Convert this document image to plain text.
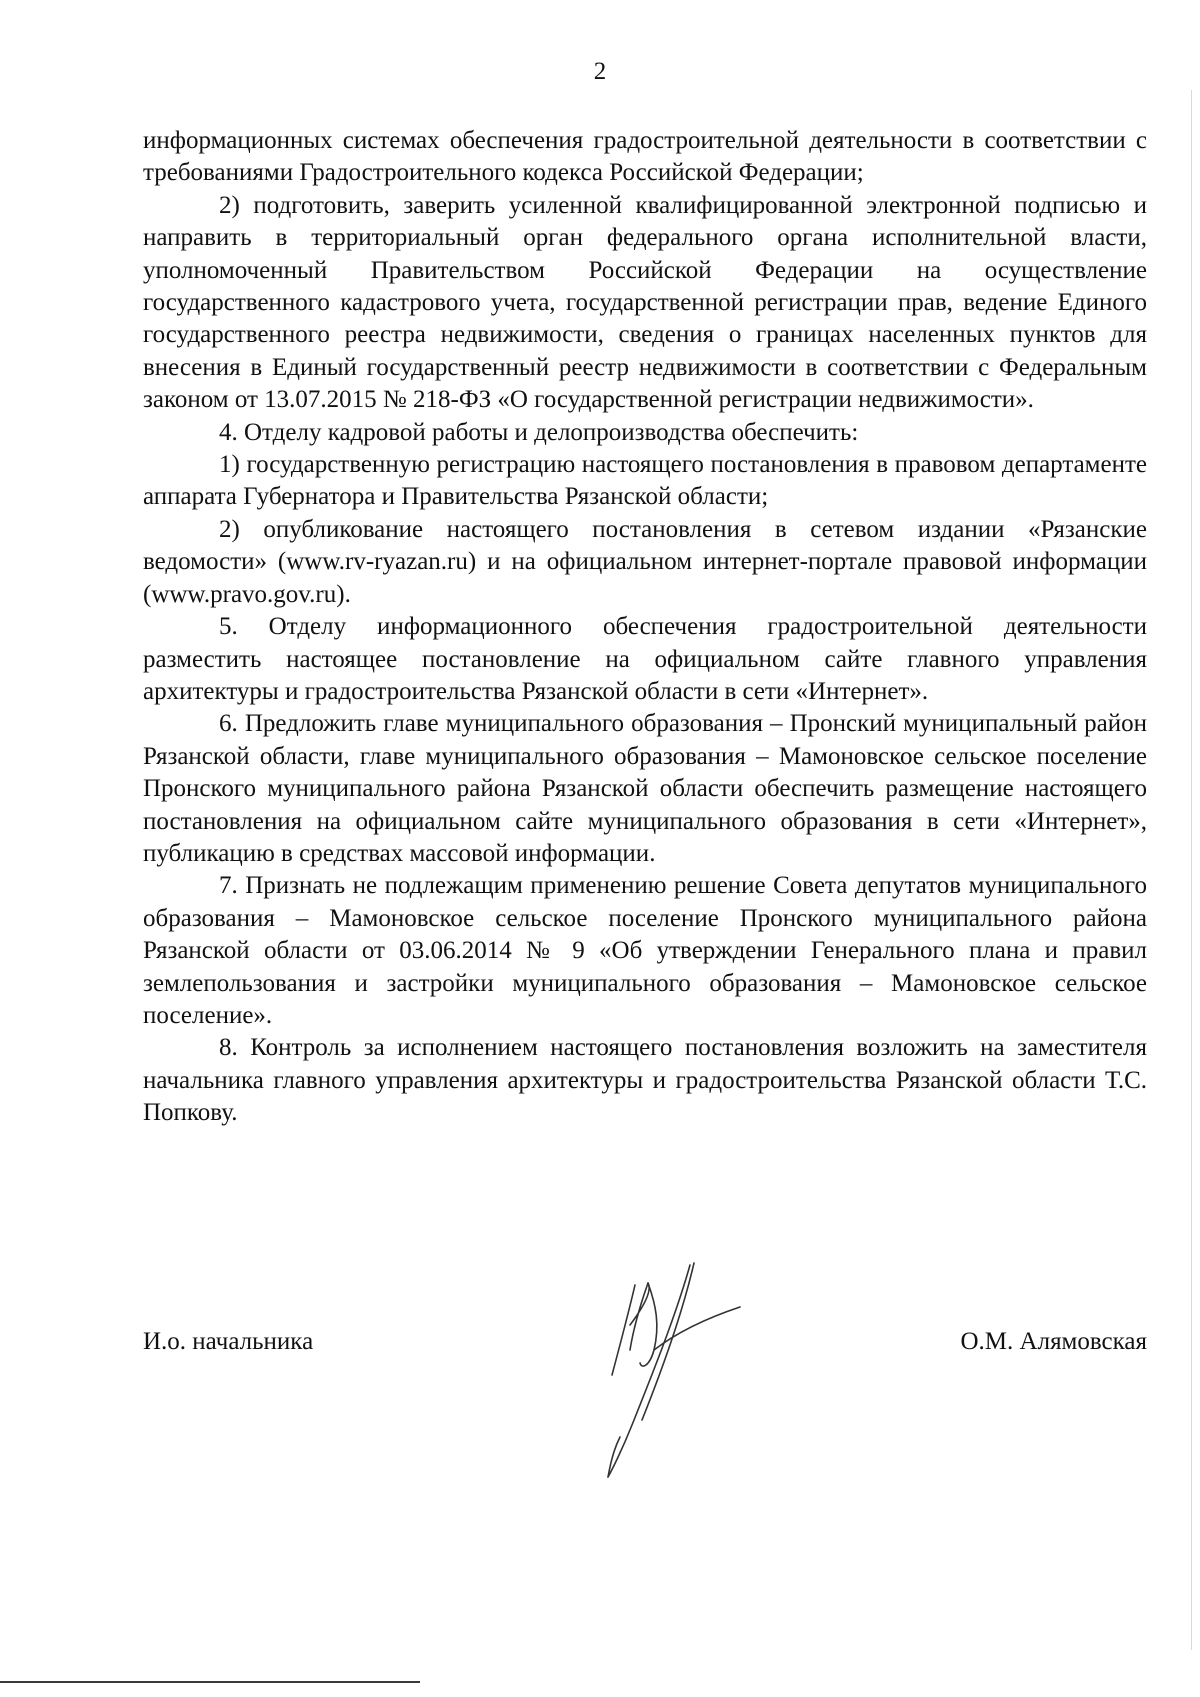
2

информационных системах обеспечения градостроительной деятельности в соответствии с требованиями Градостроительного кодекса Российской Федерации;

2) подготовить, заверить усиленной квалифицированной электронной подписью и направить в территориальный орган федерального органа исполнительной власти, уполномоченный Правительством Российской Федерации на осуществление государственного кадастрового учета, государственной регистрации прав, ведение Единого государственного реестра недвижимости, сведения о границах населенных пунктов для внесения в Единый государственный реестр недвижимости в соответствии с Федеральным законом от 13.07.2015 № 218-ФЗ «О государственной регистрации недвижимости».

4. Отделу кадровой работы и делопроизводства обеспечить:

1) государственную регистрацию настоящего постановления в правовом департаменте аппарата Губернатора и Правительства Рязанской области;

2) опубликование настоящего постановления в сетевом издании «Рязанские ведомости» (www.rv-ryazan.ru) и на официальном интернет-портале правовой информации (www.pravo.gov.ru).

5. Отделу информационного обеспечения градостроительной деятельности разместить настоящее постановление на официальном сайте главного управления архитектуры и градостроительства Рязанской области в сети «Интернет».

6. Предложить главе муниципального образования – Пронский муниципальный район Рязанской области, главе муниципального образования – Мамоновское сельское поселение Пронского муниципального района Рязанской области обеспечить размещение настоящего постановления на официальном сайте муниципального образования в сети «Интернет», публикацию в средствах массовой информации.

7. Признать не подлежащим применению решение Совета депутатов муниципального образования – Мамоновское сельское поселение Пронского муниципального района Рязанской области от 03.06.2014 № 9 «Об утверждении Генерального плана и правил землепользования и застройки муниципального образования – Мамоновское сельское поселение».

8. Контроль за исполнением настоящего постановления возложить на заместителя начальника главного управления архитектуры и градостроительства Рязанской области Т.С. Попкову.

И.о. начальника	О.М. Алямовская
